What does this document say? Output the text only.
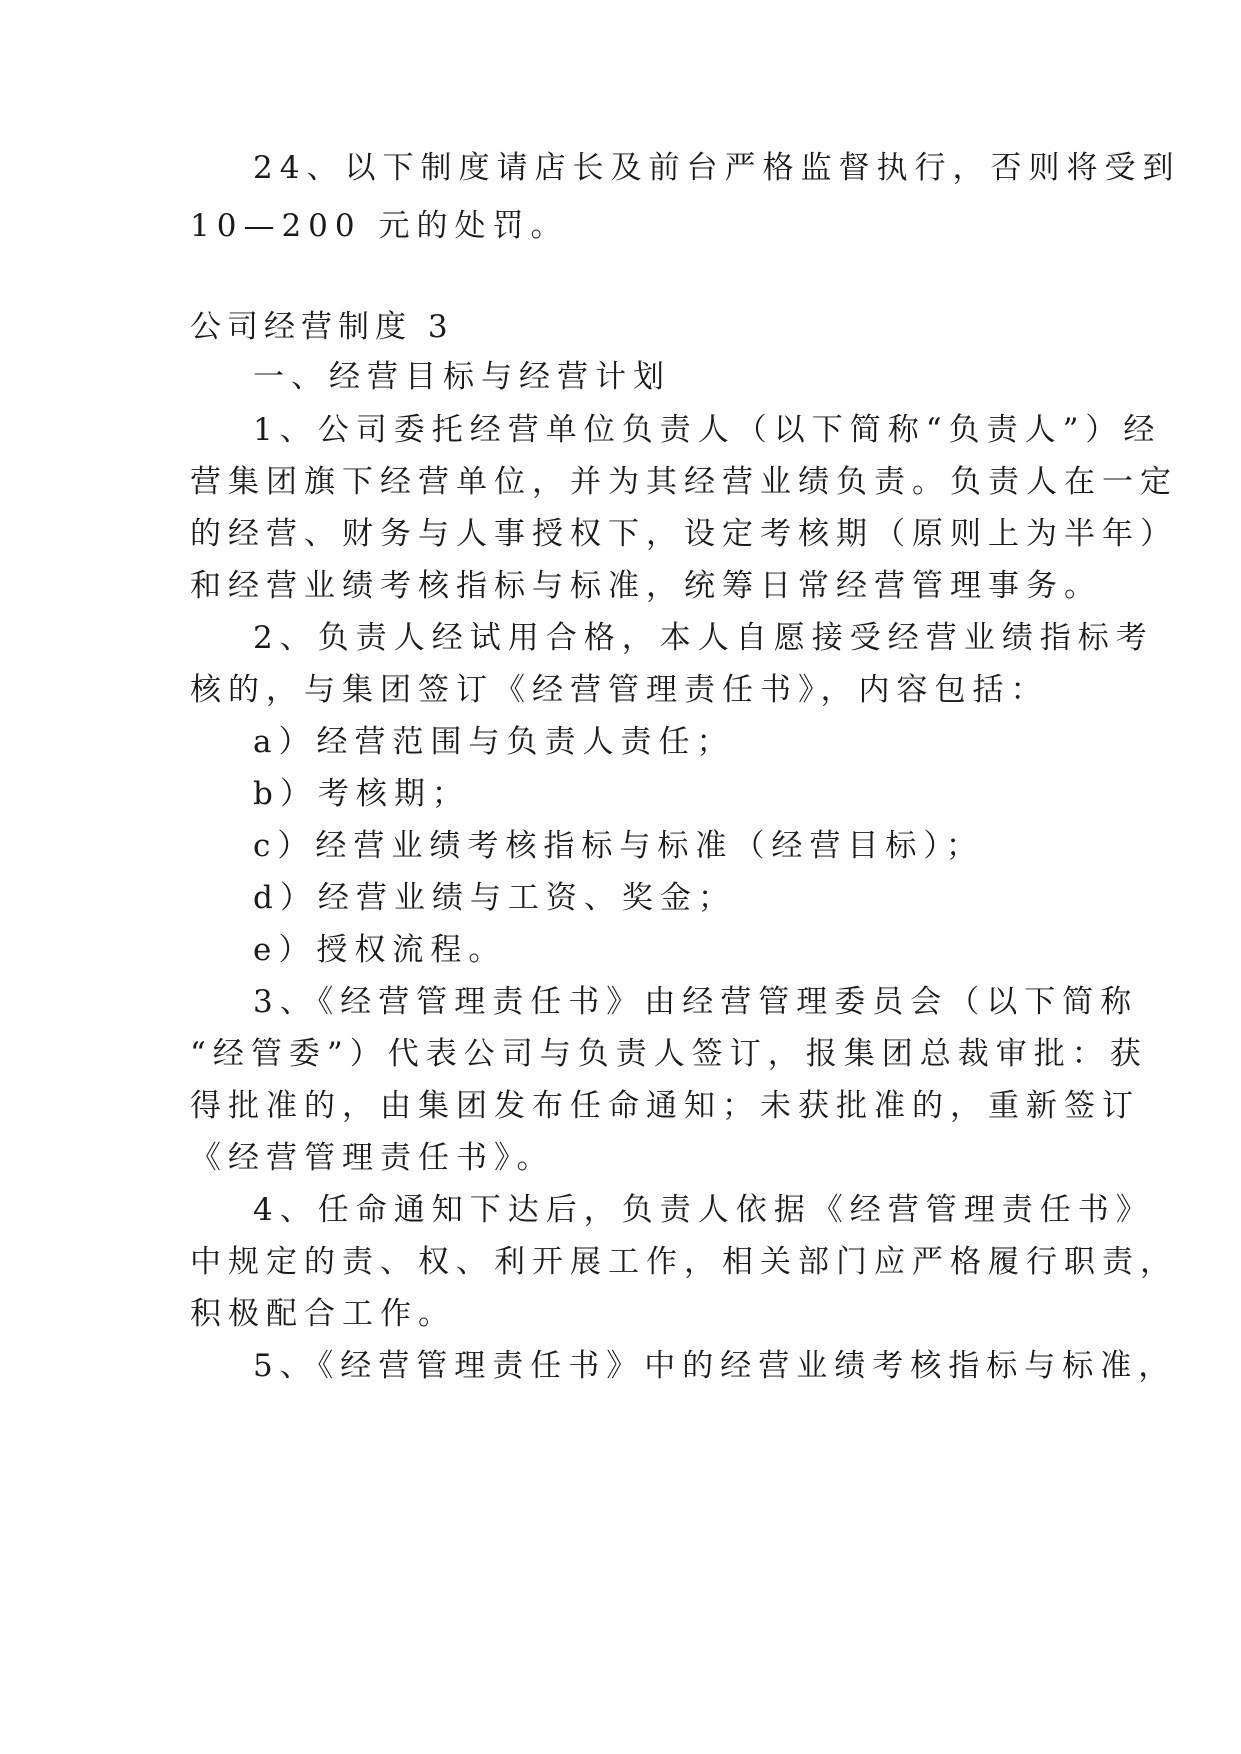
24、以下制度请店长及前台严格监督执行，否则将受到
10—200 元的处罚。
公司经营制度 3
一、经营目标与经营计划
1、公司委托经营单位负责人（以下简称“负责人”）经
营集团旗下经营单位，并为其经营业绩负责。负责人在一定
的经营、财务与人事授权下，设定考核期（原则上为半年）
和经营业绩考核指标与标准，统筹日常经营管理事务。
2、负责人经试用合格，本人自愿接受经营业绩指标考
核的，与集团签订《经营管理责任书》，内容包括：
a）经营范围与负责人责任；
b）考核期；
c）经营业绩考核指标与标准（经营目标）；
d）经营业绩与工资、奖金；
e）授权流程。
3、《经营管理责任书》由经营管理委员会（以下简称
“经管委”）代表公司与负责人签订，报集团总裁审批：获
得批准的，由集团发布任命通知；未获批准的，重新签订
《经营管理责任书》。
4、任命通知下达后，负责人依据《经营管理责任书》
中规定的责、权、利开展工作，相关部门应严格履行职责，
积极配合工作。
5、《经营管理责任书》中的经营业绩考核指标与标准，
